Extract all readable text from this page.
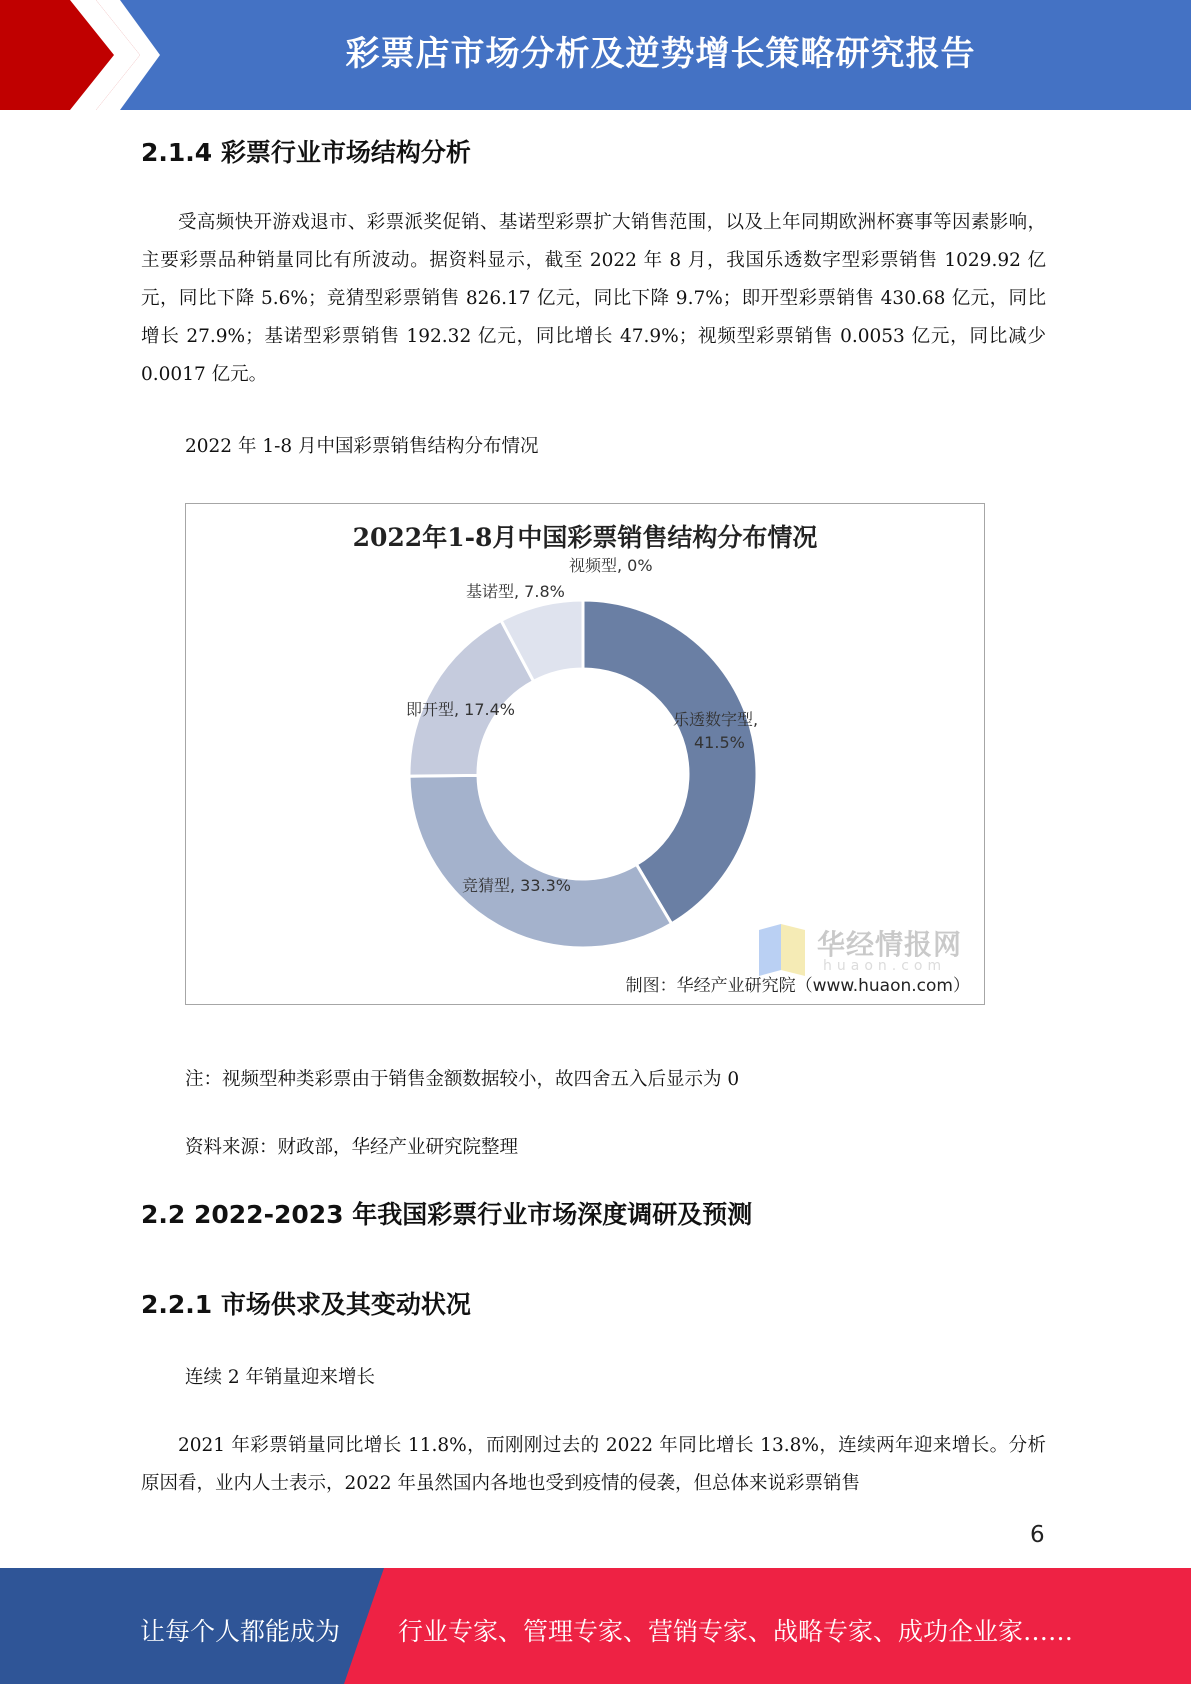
彩票店市场分析及逆势增长策略研究报告
2.1.4 彩票行业市场结构分析

受高频快开游戏退市、彩票派奖促销、基诺型彩票扩大销售范围，以及上年同期欧洲杯赛事等因素影响，主要彩票品种销量同比有所波动。据资料显示，截至 2022 年 8 月，我国乐透数字型彩票销售 1029.92 亿元，同比下降 5.6%；竞猜型彩票销售 826.17 亿元，同比下降 9.7%；即开型彩票销售 430.68 亿元，同比增长 27.9%；基诺型彩票销售 192.32 亿元，同比增长 47.9%；视频型彩票销售 0.0053 亿元，同比减少 0.0017 亿元。

2022 年 1-8 月中国彩票销售结构分布情况
2022年1-8月中国彩票销售结构分布情况
视频型, 0%
基诺型, 7.8%
即开型, 17.4%
乐透数字型,
41.5%
竞猜型, 33.3%
华经情报网
huaon.com
制图：华经产业研究院（www.huaon.com）
注：视频型种类彩票由于销售金额数据较小，故四舍五入后显示为 0
资料来源：财政部，华经产业研究院整理
2.2 2022-2023 年我国彩票行业市场深度调研及预测
2.2.1 市场供求及其变动状况
连续 2 年销量迎来增长

2021 年彩票销量同比增长 11.8%，而刚刚过去的 2022 年同比增长 13.8%，连续两年迎来增长。分析原因看，业内人士表示，2022 年虽然国内各地也受到疫情的侵袭，但总体来说彩票销售

6
让每个人都能成为 行业专家、管理专家、营销专家、战略专家、成功企业家……
